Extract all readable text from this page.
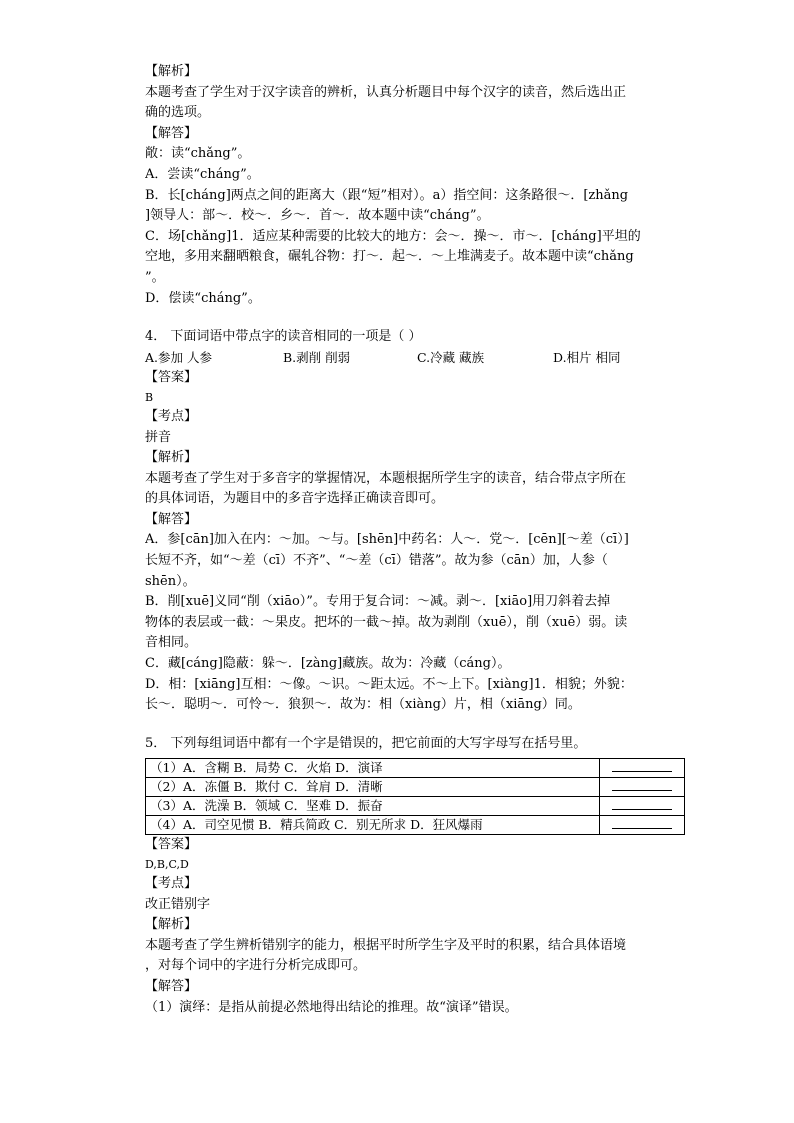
【解析】
本题考查了学生对于汉字读音的辨析，认真分析题目中每个汉字的读音，然后选出正
确的选项。
【解答】
敞：读“chǎng”。
A．尝读“cháng”。
B．长[cháng]两点之间的距离大（跟“短”相对）。a）指空间：这条路很～．[zhǎng
]领导人：部～．校～．乡～．首～．故本题中读“cháng”。
C．场[chǎng]1．适应某种需要的比较大的地方：会～．操～．市～．[cháng]平坦的
空地，多用来翻晒粮食，碾轧谷物：打～．起～．～上堆满麦子。故本题中读“chǎng
”。
D．偿读“cháng”。
4． 下面词语中带点字的读音相同的一项是（ ）
A.参加 人参	B.剥削 削弱	C.冷藏 藏族	D.相片 相同
【答案】
B
【考点】
拼音
【解析】
本题考查了学生对于多音字的掌握情况，本题根据所学生字的读音，结合带点字所在
的具体词语，为题目中的多音字选择正确读音即可。
【解答】
A．参[cān]加入在内：～加。～与。[shēn]中药名：人～．党～．[cēn][～差（cī）]
长短不齐，如“～差（cī）不齐”、“～差（cī）错落”。故为参（cān）加，人参（
shēn）。
B．削[xuē]义同“削（xiāo）”。专用于复合词：～减。剥～．[xiāo]用刀斜着去掉
物体的表层或一截：～果皮。把坏的一截～掉。故为剥削（xuē），削（xuē）弱。读
音相同。
C．藏[cáng]隐蔽：躲～．[zàng]藏族。故为：冷藏（cáng）。
D．相：[xiāng]互相：～像。～识。～距太远。不～上下。[xiàng]1．相貌；外貌：
长～．聪明～．可怜～．狼狈～．故为：相（xiàng）片，相（xiāng）同。
5． 下列每组词语中都有一个字是错误的，把它前面的大写字母写在括号里。
（1）A．含糊 B．局势 C．火焰 D．演译	
（2）A．冻僵 B．欺付 C．耸肩 D．清晰	
（3）A．洗澡 B．领域 C．坚难 D．振奋	
（4）A．司空见惯 B．精兵简政 C．别无所求 D．狂风爆雨	
【答案】
D,B,C,D
【考点】
改正错别字
【解析】
本题考查了学生辨析错别字的能力，根据平时所学生字及平时的积累，结合具体语境
，对每个词中的字进行分析完成即可。
【解答】
（1）演绎：是指从前提必然地得出结论的推理。故“演译”错误。
